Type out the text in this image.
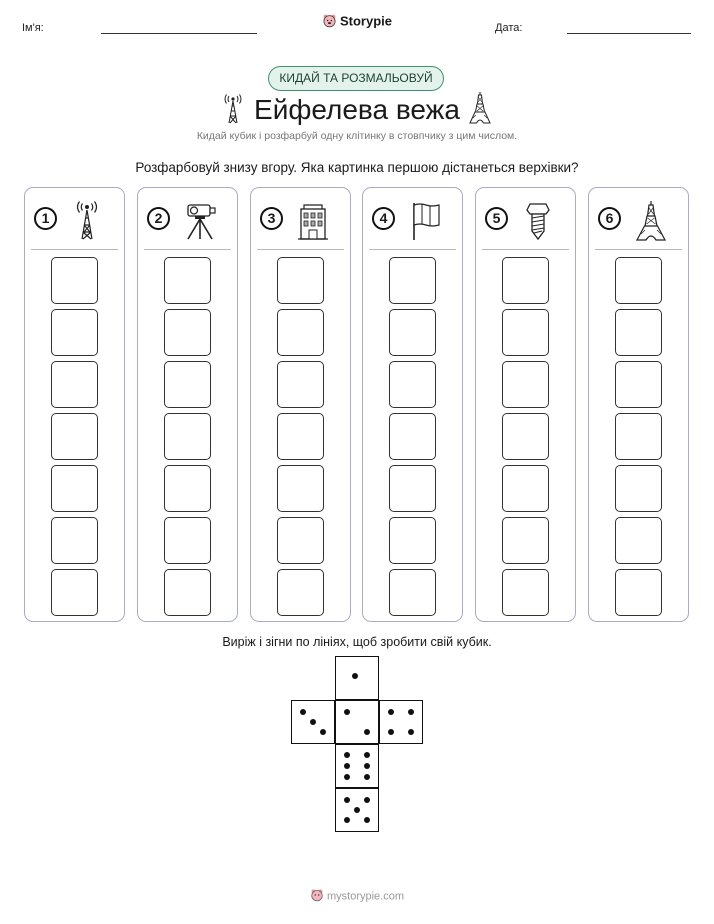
Ім'я:	Storypie	Дата:
КИДАЙ ТА РОЗМАЛЬОВУЙ
Ейфелева вежа
Кидай кубик і розфарбуй одну клітинку в стовпчику з цим числом.
Розфарбовуй знизу вгору. Яка картинка першою дістанеться верхівки?
1	2	3	4	5	6
Виріж і зігни по лініях, щоб зробити свій кубик.
mystorypie.com
